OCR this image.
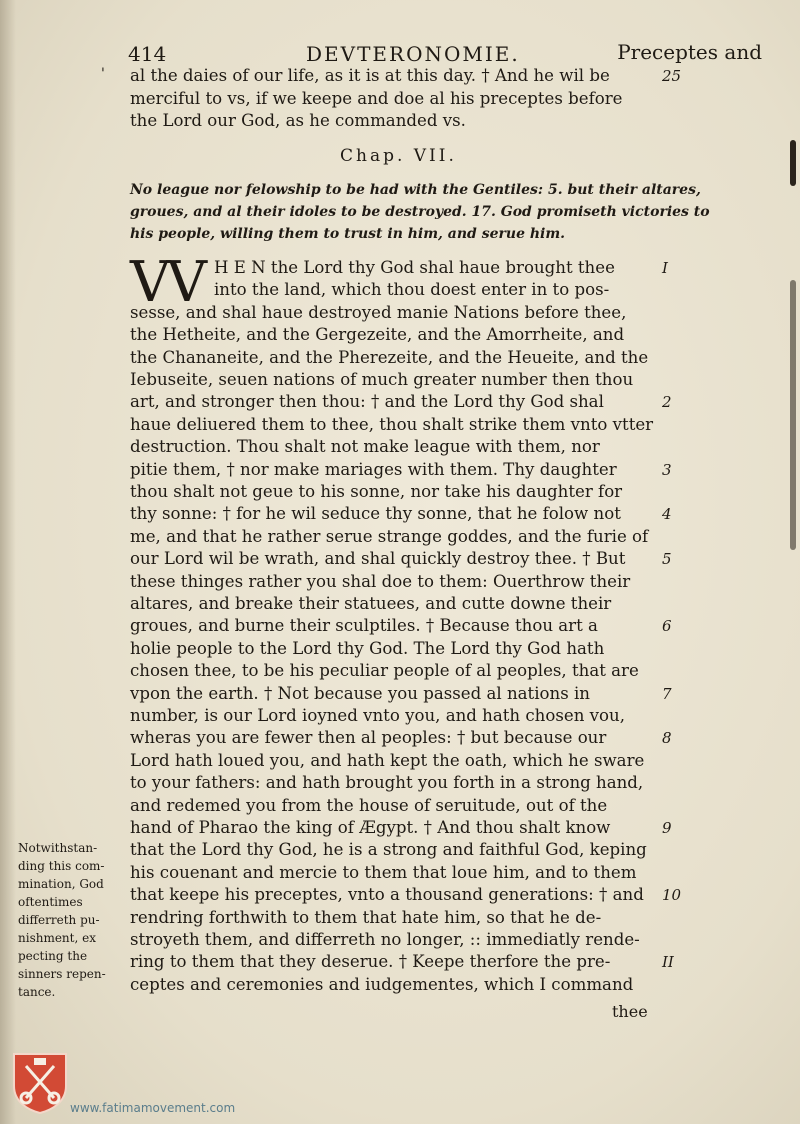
414	DEVTERONOMIE.	Preceptes and
' al the daies of our life, as it is at this day. † And he wil be	25
merciful to vs, if we keepe and doe al his preceptes before
the Lord our God, as he commanded vs.
Chap. VII.
No league nor felowship to be had with the Gentiles: 5. but their altares,
groues, and al their idoles to be destroyed. 17. God promiseth victories to
his people, willing them to trust in him, and serue him.
VV H E N the Lord thy God shal haue brought thee	I
into the land, which thou doest enter in to pos-
sesse, and shal haue destroyed manie Nations before thee,
the Hetheite, and the Gergezeite, and the Amorrheite, and
the Chananeite, and the Pherezeite, and the Heueite, and the
Iebuseite, seuen nations of much greater number then thou
art, and stronger then thou: † and the Lord thy God shal	2
haue deliuered them to thee, thou shalt strike them vnto vtter
destruction. Thou shalt not make league with them, nor
pitie them, † nor make mariages with them. Thy daughter	3
thou shalt not geue to his sonne, nor take his daughter for
thy sonne: † for he wil seduce thy sonne, that he folow not	4
me, and that he rather serue strange goddes, and the furie of
our Lord wil be wrath, and shal quickly destroy thee. † But 5
these thinges rather you shal doe to them: Ouerthrow their
altares, and breake their statuees, and cutte downe their
groues, and burne their sculptiles. † Because thou art a	6
holie people to the Lord thy God. The Lord thy God hath
chosen thee, to be his peculiar people of al peoples, that are
vpon the earth. † Not because you passed al nations in	7
number, is our Lord ioyned vnto you, and hath chosen vou,
wheras you are fewer then al peoples: † but because our	8
Lord hath loued you, and hath kept the oath, which he sware
to your fathers: and hath brought you forth in a strong hand,
and redemed you from the house of seruitude, out of the
hand of Pharao the king of Ægypt. † And thou shalt know	9
that the Lord thy God, he is a strong and faithful God, keping
his couenant and mercie to them that loue him, and to them
that keepe his preceptes, vnto a thousand generations: † and 10
rendring forthwith to them that hate him, so that he de-
stroyeth them, and differreth no longer, :: immediatly rende-
ring to them that they deserue. † Keepe therfore the pre-	II
ceptes and ceremonies and iudgementes, which I command
Notwithstan-
ding this com-
mination, God
oftentimes
differreth pu-
nishment, ex
pecting the
sinners repen-
tance.
thee
www.fatimamovement.com
